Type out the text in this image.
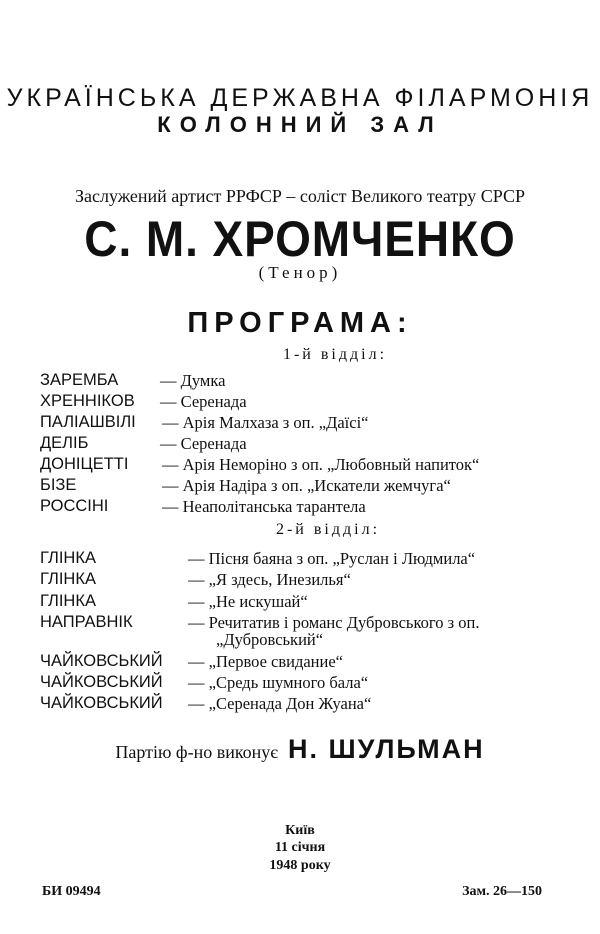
УКРАЇНСЬКА ДЕРЖАВНА ФІЛАРМОНІЯ
КОЛОННИЙ ЗАЛ
Заслужений артист РРФСР – соліст Великого театру СРСР
С. М. ХРОМЧЕНКО
(Тенор)
ПРОГРАМА:
1-й відділ:
ЗАРЕМБА	— Думка
ХРЕННІКОВ — Серенада
ПАЛІАШВІЛІ — Арія Малхаза з оп. „Даїсі“
ДЕЛІБ	— Серенада
ДОНІЦЕТТІ — Арія Неморіно з оп. „Любовный напиток“
БІЗЕ	— Арія Надіра з оп. „Искатели жемчуга“
РОССІНІ	— Неаполітанська тарантела
2-й відділ:
ГЛІНКА	— Пісня баяна з оп. „Руслан і Людмила“
ГЛІНКА	— „Я здесь, Инезилья“
ГЛІНКА	— „Не искушай“
НАПРАВНІК	— Речитатив і романс Дубровського з оп.
„Дубровський“
ЧАЙКОВСЬКИЙ — „Первое свидание“
ЧАЙКОВСЬКИЙ — „Средь шумного бала“
ЧАЙКОВСЬКИЙ — „Серенада Дон Жуана“
Партію ф-но виконує Н. ШУЛЬМАН
Київ
11 січня
1948 року
БИ 09494	Зам. 26—150
